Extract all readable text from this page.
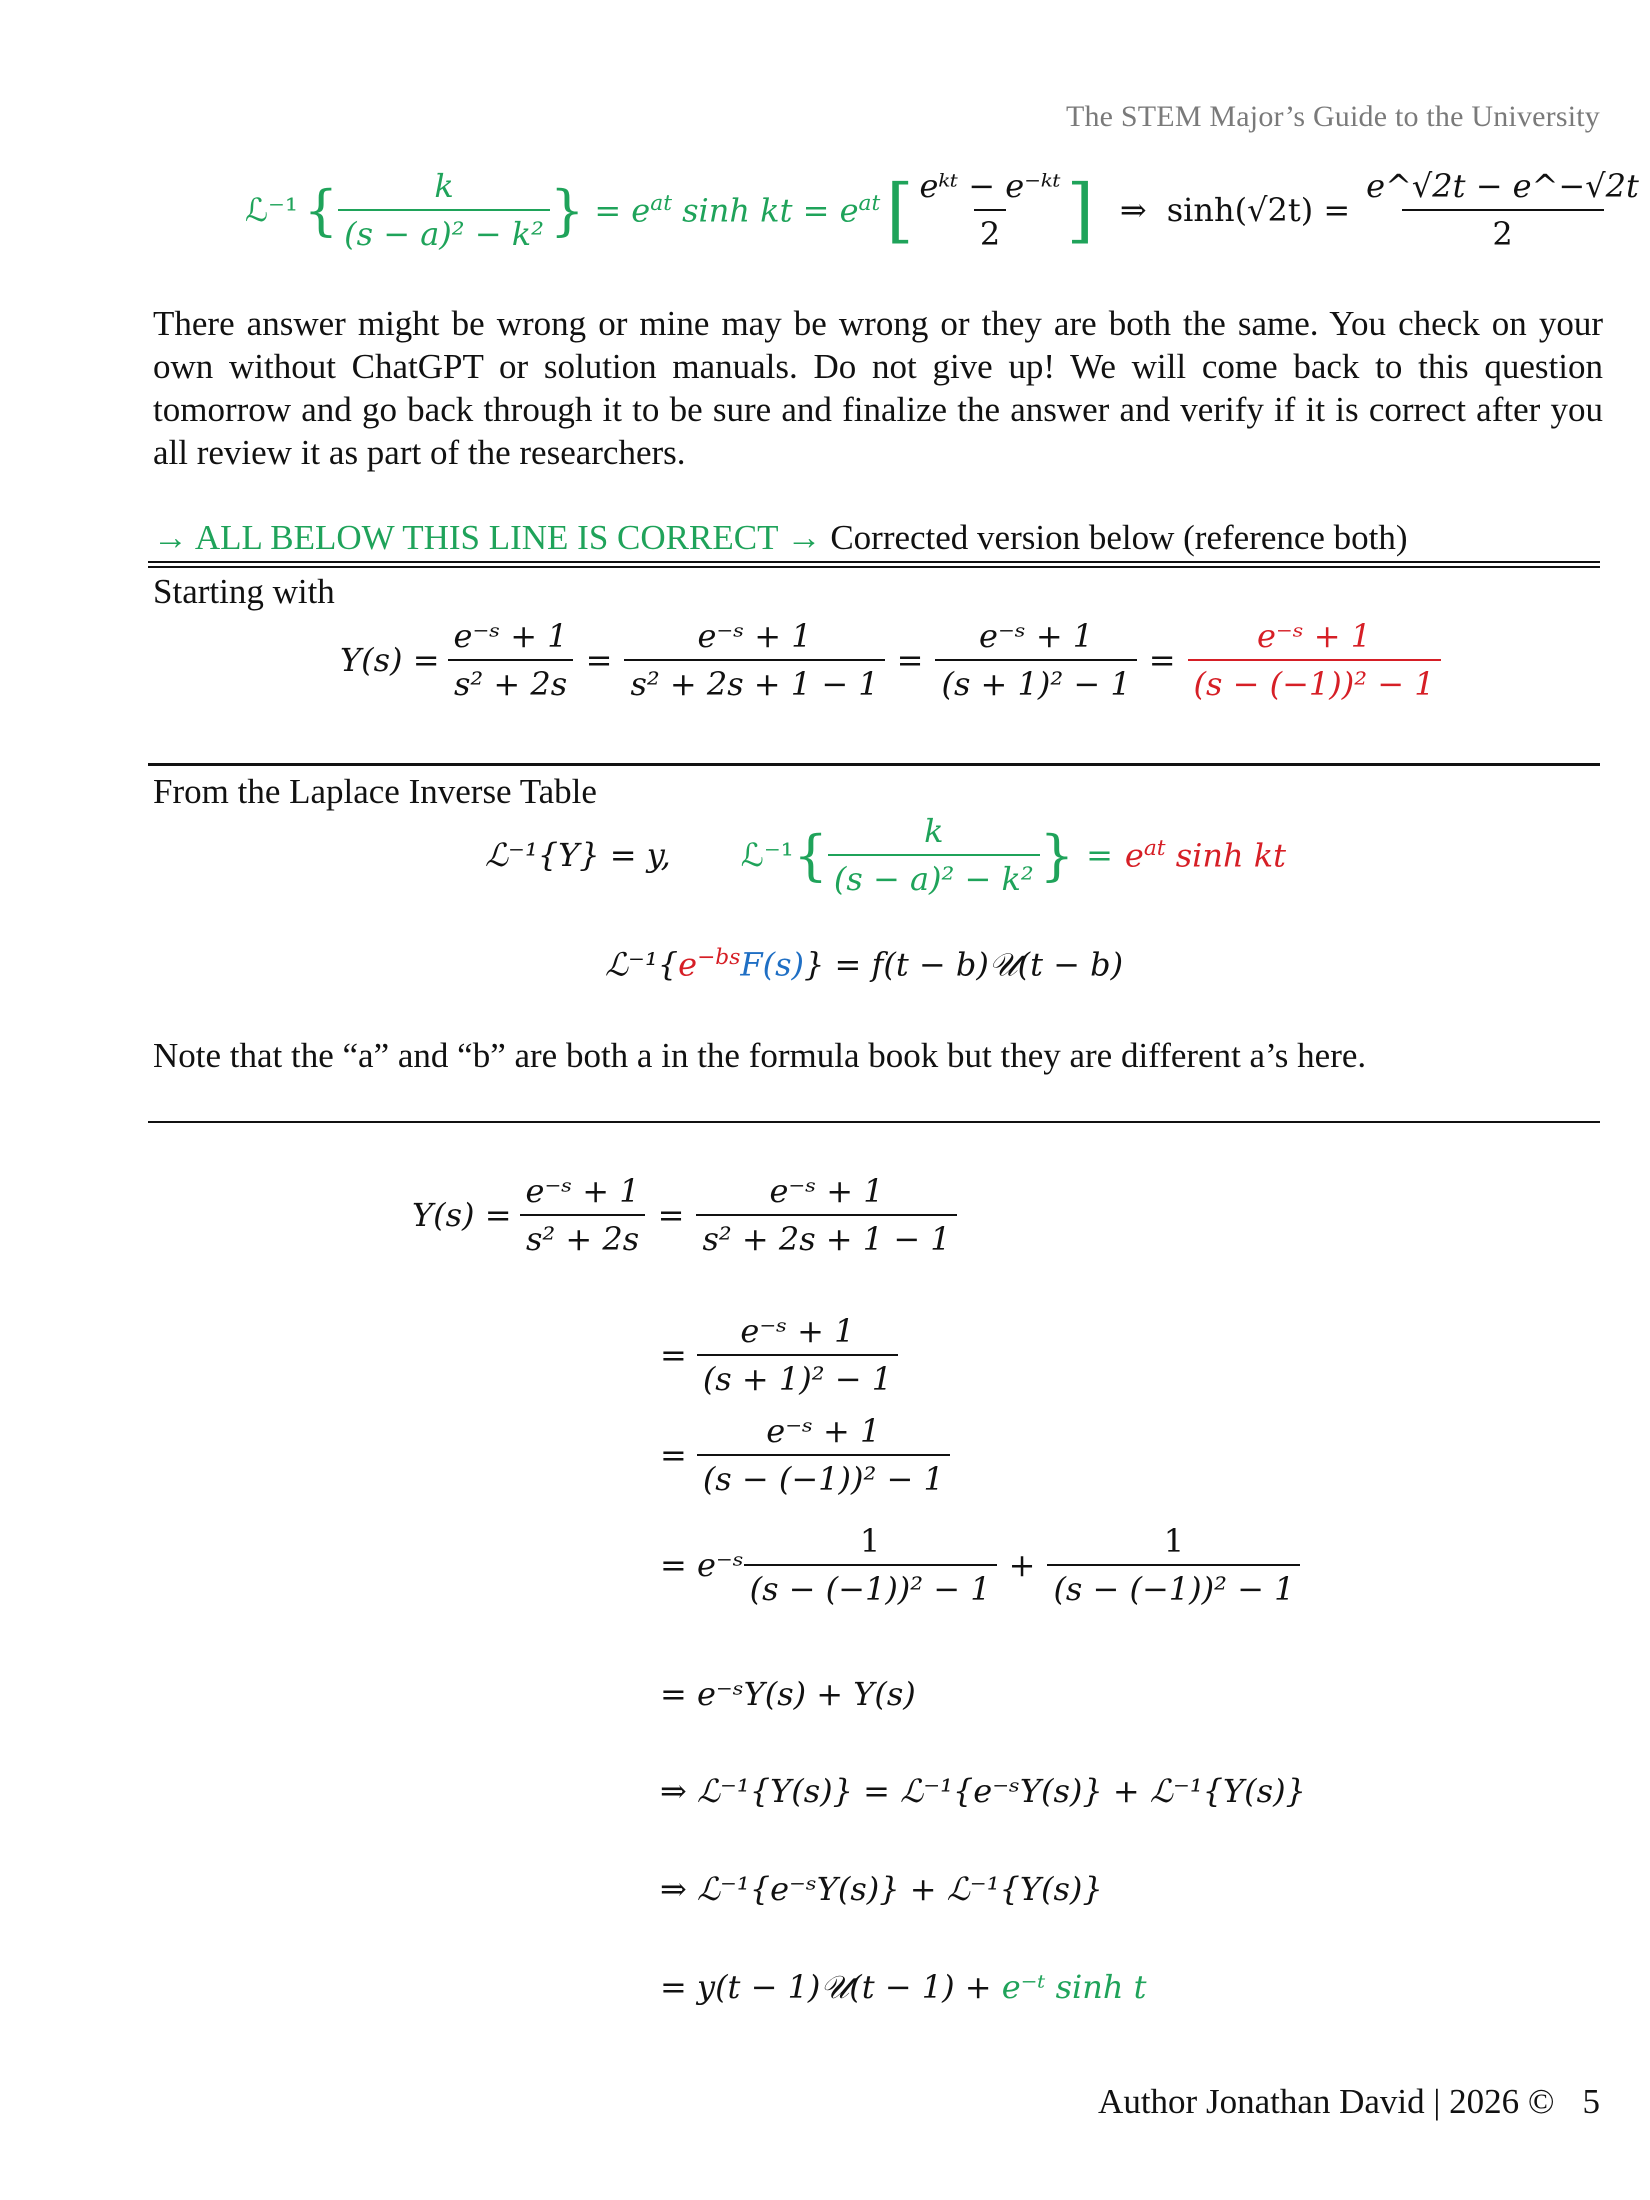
The STEM Major’s Guide to the University
ℒ⁻¹ { $\frac{k}{\text{(s − a)² − k²}}$ } = $e^{at}$ sinh kt = $e^{at}$ [ $\frac{\text{eᵏᵗ − e⁻ᵏᵗ}}{2}$ ] ⇒ $\sinh(√2t) = \frac{e\^{}√2t - e\^{}-√2t}{2}$
There answer might be wrong or mine may be wrong or they are both the same. You check on your own without ChatGPT or solution manuals. Do not give up! We will come back to this question tomorrow and go back through it to be sure and finalize the answer and verify if it is correct after you all review it as part of the researchers.
→ ALL BELOW THIS LINE IS CORRECT → Corrected version below (reference both)
Starting with
$Y(s) = \frac{\text{e⁻ˢ + 1}}{\text{s² + 2s}} = \frac{\text{e⁻ˢ + 1}}{\text{s² + 2s + 1 − 1}} = \frac{\text{e⁻ˢ + 1}}{\text{(s + 1)² − 1}} = \frac{\text{e⁻ˢ + 1}}{\text{(s − (−1))² − 1}}$
From the Laplace Inverse Table
ℒ⁻¹{Y} = y, ℒ⁻¹ { $\frac{k}{\text{(s − a)² − k²}}$ } = $e^{at}$ sinh kt
$ℒ^{-1}\{e^{-bs}F(s)\} = f(t$ − b)𝒰(t − b)
Note that the “a” and “b” are both a in the formula book but they are different a’s here.
$Y(s) = \frac{\text{e⁻ˢ + 1}}{\text{s² + 2s}} = \frac{\text{e⁻ˢ + 1}}{\text{s² + 2s + 1 − 1}}$
= $\frac{\text{e⁻ˢ + 1}}{\text{(s + 1)² − 1}}$
= $\frac{\text{e⁻ˢ + 1}}{\text{(s − (−1))² − 1}}$
= e⁻ˢ $\frac{1}{\text{(s − (−1))² − 1}} + \frac{1}{\text{(s − (−1))² − 1}}$
= e⁻ˢY(s) + Y(s)
⇒ ℒ⁻¹{Y(s)} = ℒ⁻¹{e⁻ˢY(s)} + ℒ⁻¹{Y(s)}
⇒ ℒ⁻¹{e⁻ˢY(s)} + ℒ⁻¹{Y(s)}
= y(t − 1)𝒰(t − 1) + e⁻ᵗ sinh t
Author Jonathan David | 2026 © 5
